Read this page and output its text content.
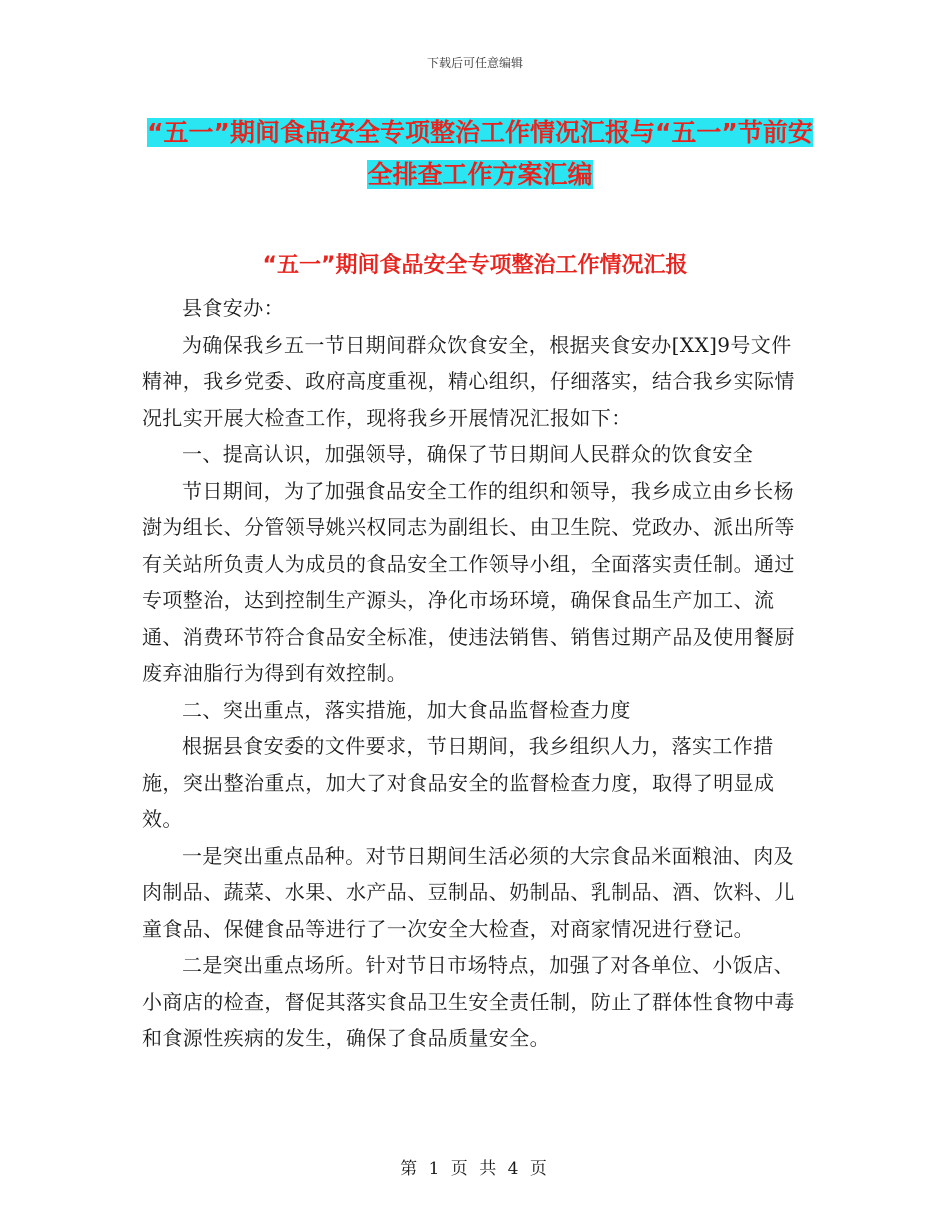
下载后可任意编辑
“五一”期间食品安全专项整治工作情况汇报与“五一”节前安全排查工作方案汇编
“五一”期间食品安全专项整治工作情况汇报

县食安办：

为确保我乡五一节日期间群众饮食安全，根据夹食安办[XX]9号文件精神，我乡党委、政府高度重视，精心组织，仔细落实，结合我乡实际情况扎实开展大检查工作，现将我乡开展情况汇报如下：

一、提高认识，加强领导，确保了节日期间人民群众的饮食安全

节日期间，为了加强食品安全工作的组织和领导，我乡成立由乡长杨澍为组长、分管领导姚兴权同志为副组长、由卫生院、党政办、派出所等有关站所负责人为成员的食品安全工作领导小组，全面落实责任制。通过专项整治，达到控制生产源头，净化市场环境，确保食品生产加工、流通、消费环节符合食品安全标准，使违法销售、销售过期产品及使用餐厨废弃油脂行为得到有效控制。

二、突出重点，落实措施，加大食品监督检查力度

根据县食安委的文件要求，节日期间，我乡组织人力，落实工作措施，突出整治重点，加大了对食品安全的监督检查力度，取得了明显成效。

一是突出重点品种。对节日期间生活必须的大宗食品米面粮油、肉及肉制品、蔬菜、水果、水产品、豆制品、奶制品、乳制品、酒、饮料、儿童食品、保健食品等进行了一次安全大检查，对商家情况进行登记。

二是突出重点场所。针对节日市场特点，加强了对各单位、小饭店、小商店的检查，督促其落实食品卫生安全责任制，防止了群体性食物中毒和食源性疾病的发生，确保了食品质量安全。

第 1 页 共 4 页
